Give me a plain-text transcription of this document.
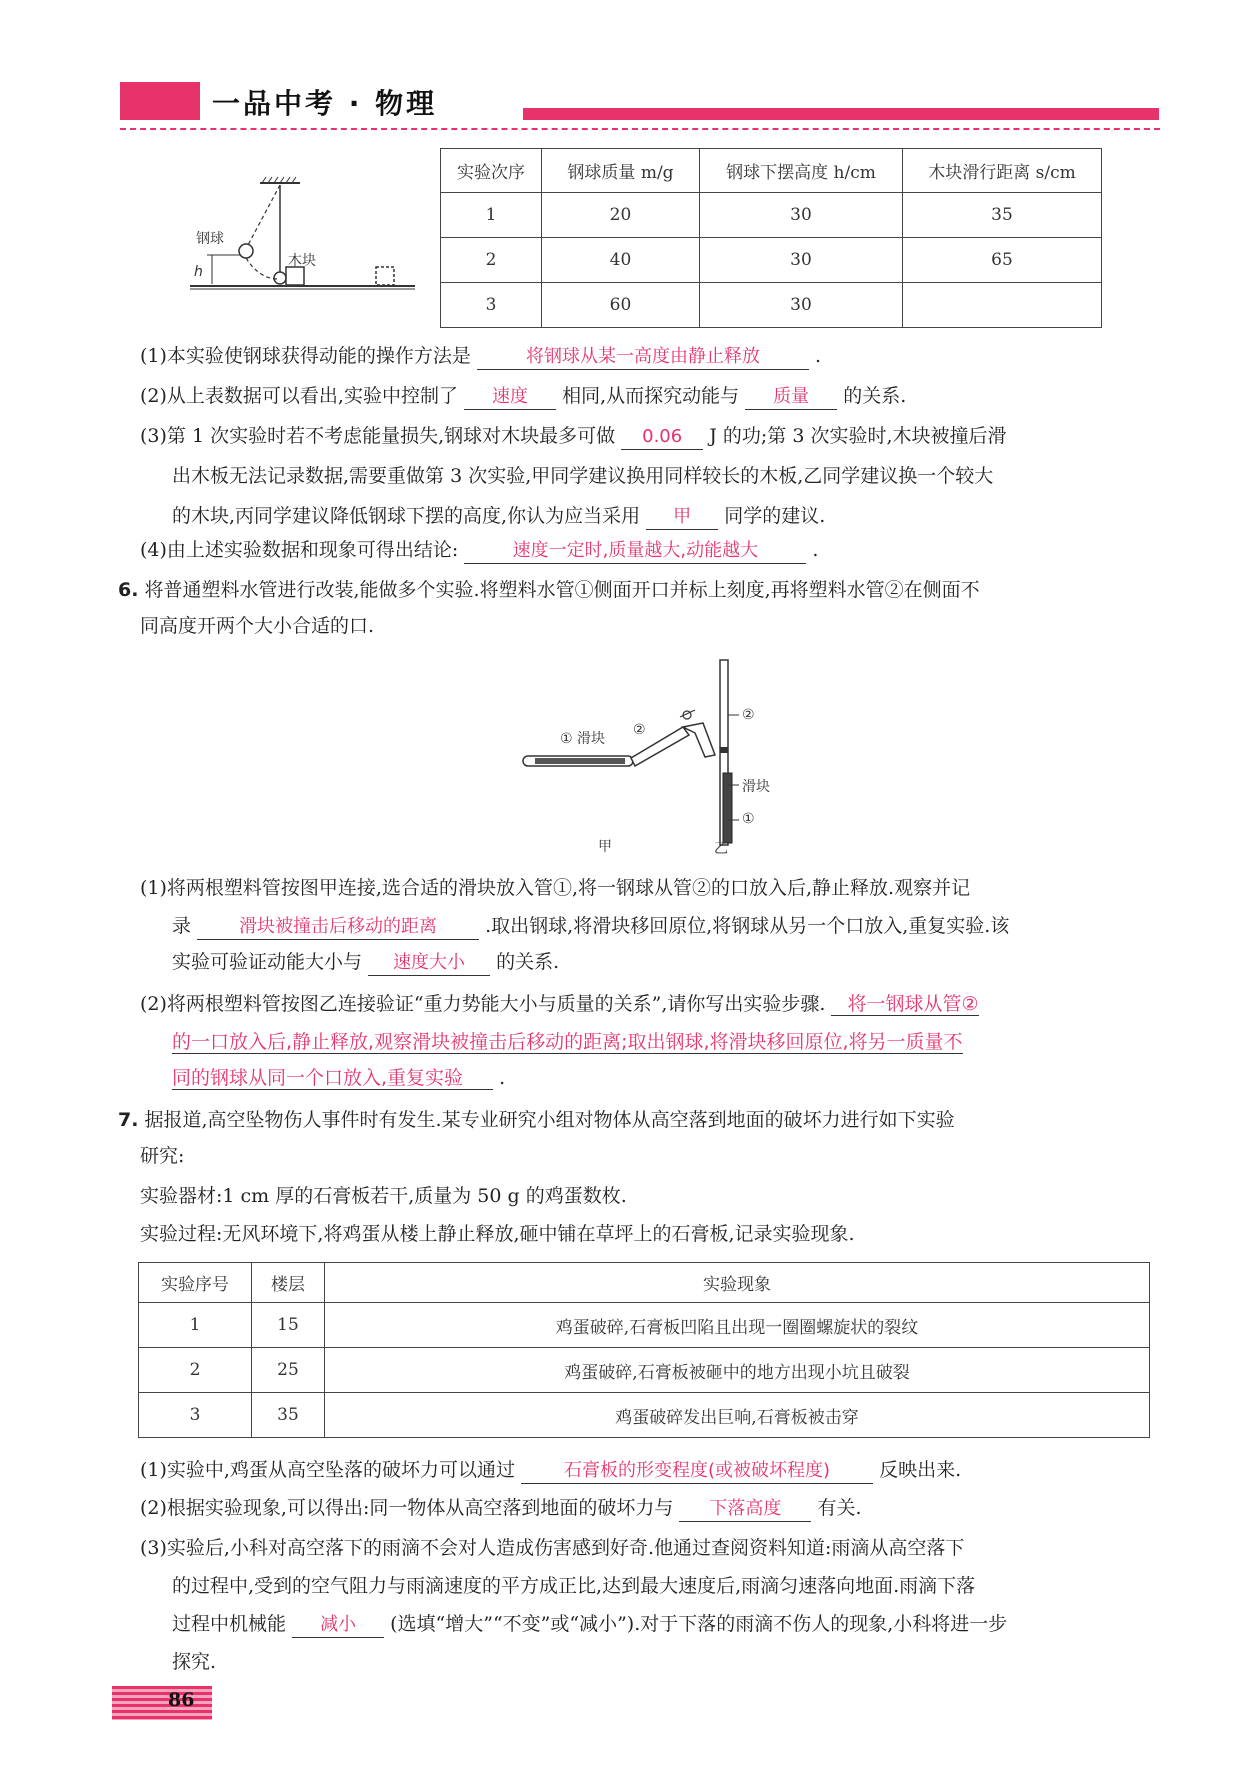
一品中考 · 物理
钢球
木块
h
实验次序	钢球质量 m/g	钢球下摆高度 h/cm	木块滑行距离 s/cm
1	20	30	35
2	40	30	65
3	60	30	
(1)本实验使钢球获得动能的操作方法是	将钢球从某一高度由静止释放	.
(2)从上表数据可以看出,实验中控制了 速度 相同,从而探究动能与 质量 的关系.
(3)第 1 次实验时若不考虑能量损失,钢球对木块最多可做 0.06 J 的功;第 3 次实验时,木块被撞后滑
出木板无法记录数据,需要重做第 3 次实验,甲同学建议换用同样较长的木板,乙同学建议换一个较大
的木块,丙同学建议降低钢球下摆的高度,你认为应当采用 甲 同学的建议.
(4)由上述实验数据和现象可得出结论:	速度一定时,质量越大,动能越大	.
6. 将普通塑料水管进行改装,能做多个实验.将塑料水管①侧面开口并标上刻度,再将塑料水管②在侧面不
同高度开两个大小合适的口.
① 滑块
②
②
滑块
①
甲	乙
(1)将两根塑料管按图甲连接,选合适的滑块放入管①,将一钢球从管②的口放入后,静止释放.观察并记
录	滑块被撞击后移动的距离	.取出钢球,将滑块移回原位,将钢球从另一个口放入,重复实验.该
实验可验证动能大小与 速度大小 的关系.
(2)将两根塑料管按图乙连接验证“重力势能大小与质量的关系”,请你写出实验步骤. 将一钢球从管②
的一口放入后,静止释放,观察滑块被撞击后移动的距离;取出钢球,将滑块移回原位,将另一质量不
同的钢球从同一个口放入,重复实验 .
7. 据报道,高空坠物伤人事件时有发生.某专业研究小组对物体从高空落到地面的破坏力进行如下实验
研究:
实验器材:1 cm 厚的石膏板若干,质量为 50 g 的鸡蛋数枚.
实验过程:无风环境下,将鸡蛋从楼上静止释放,砸中铺在草坪上的石膏板,记录实验现象.
实验序号	楼层	实验现象
1	15	鸡蛋破碎,石膏板凹陷且出现一圈圈螺旋状的裂纹
2	25	鸡蛋破碎,石膏板被砸中的地方出现小坑且破裂
3	35	鸡蛋破碎发出巨响,石膏板被击穿
(1)实验中,鸡蛋从高空坠落的破坏力可以通过	石膏板的形变程度(或被破坏程度)	反映出来.
(2)根据实验现象,可以得出:同一物体从高空落到地面的破坏力与 下落高度 有关.
(3)实验后,小科对高空落下的雨滴不会对人造成伤害感到好奇.他通过查阅资料知道:雨滴从高空落下
的过程中,受到的空气阻力与雨滴速度的平方成正比,达到最大速度后,雨滴匀速落向地面.雨滴下落
过程中机械能 减小 (选填“增大”“不变”或“减小”).对于下落的雨滴不伤人的现象,小科将进一步
探究.
86
